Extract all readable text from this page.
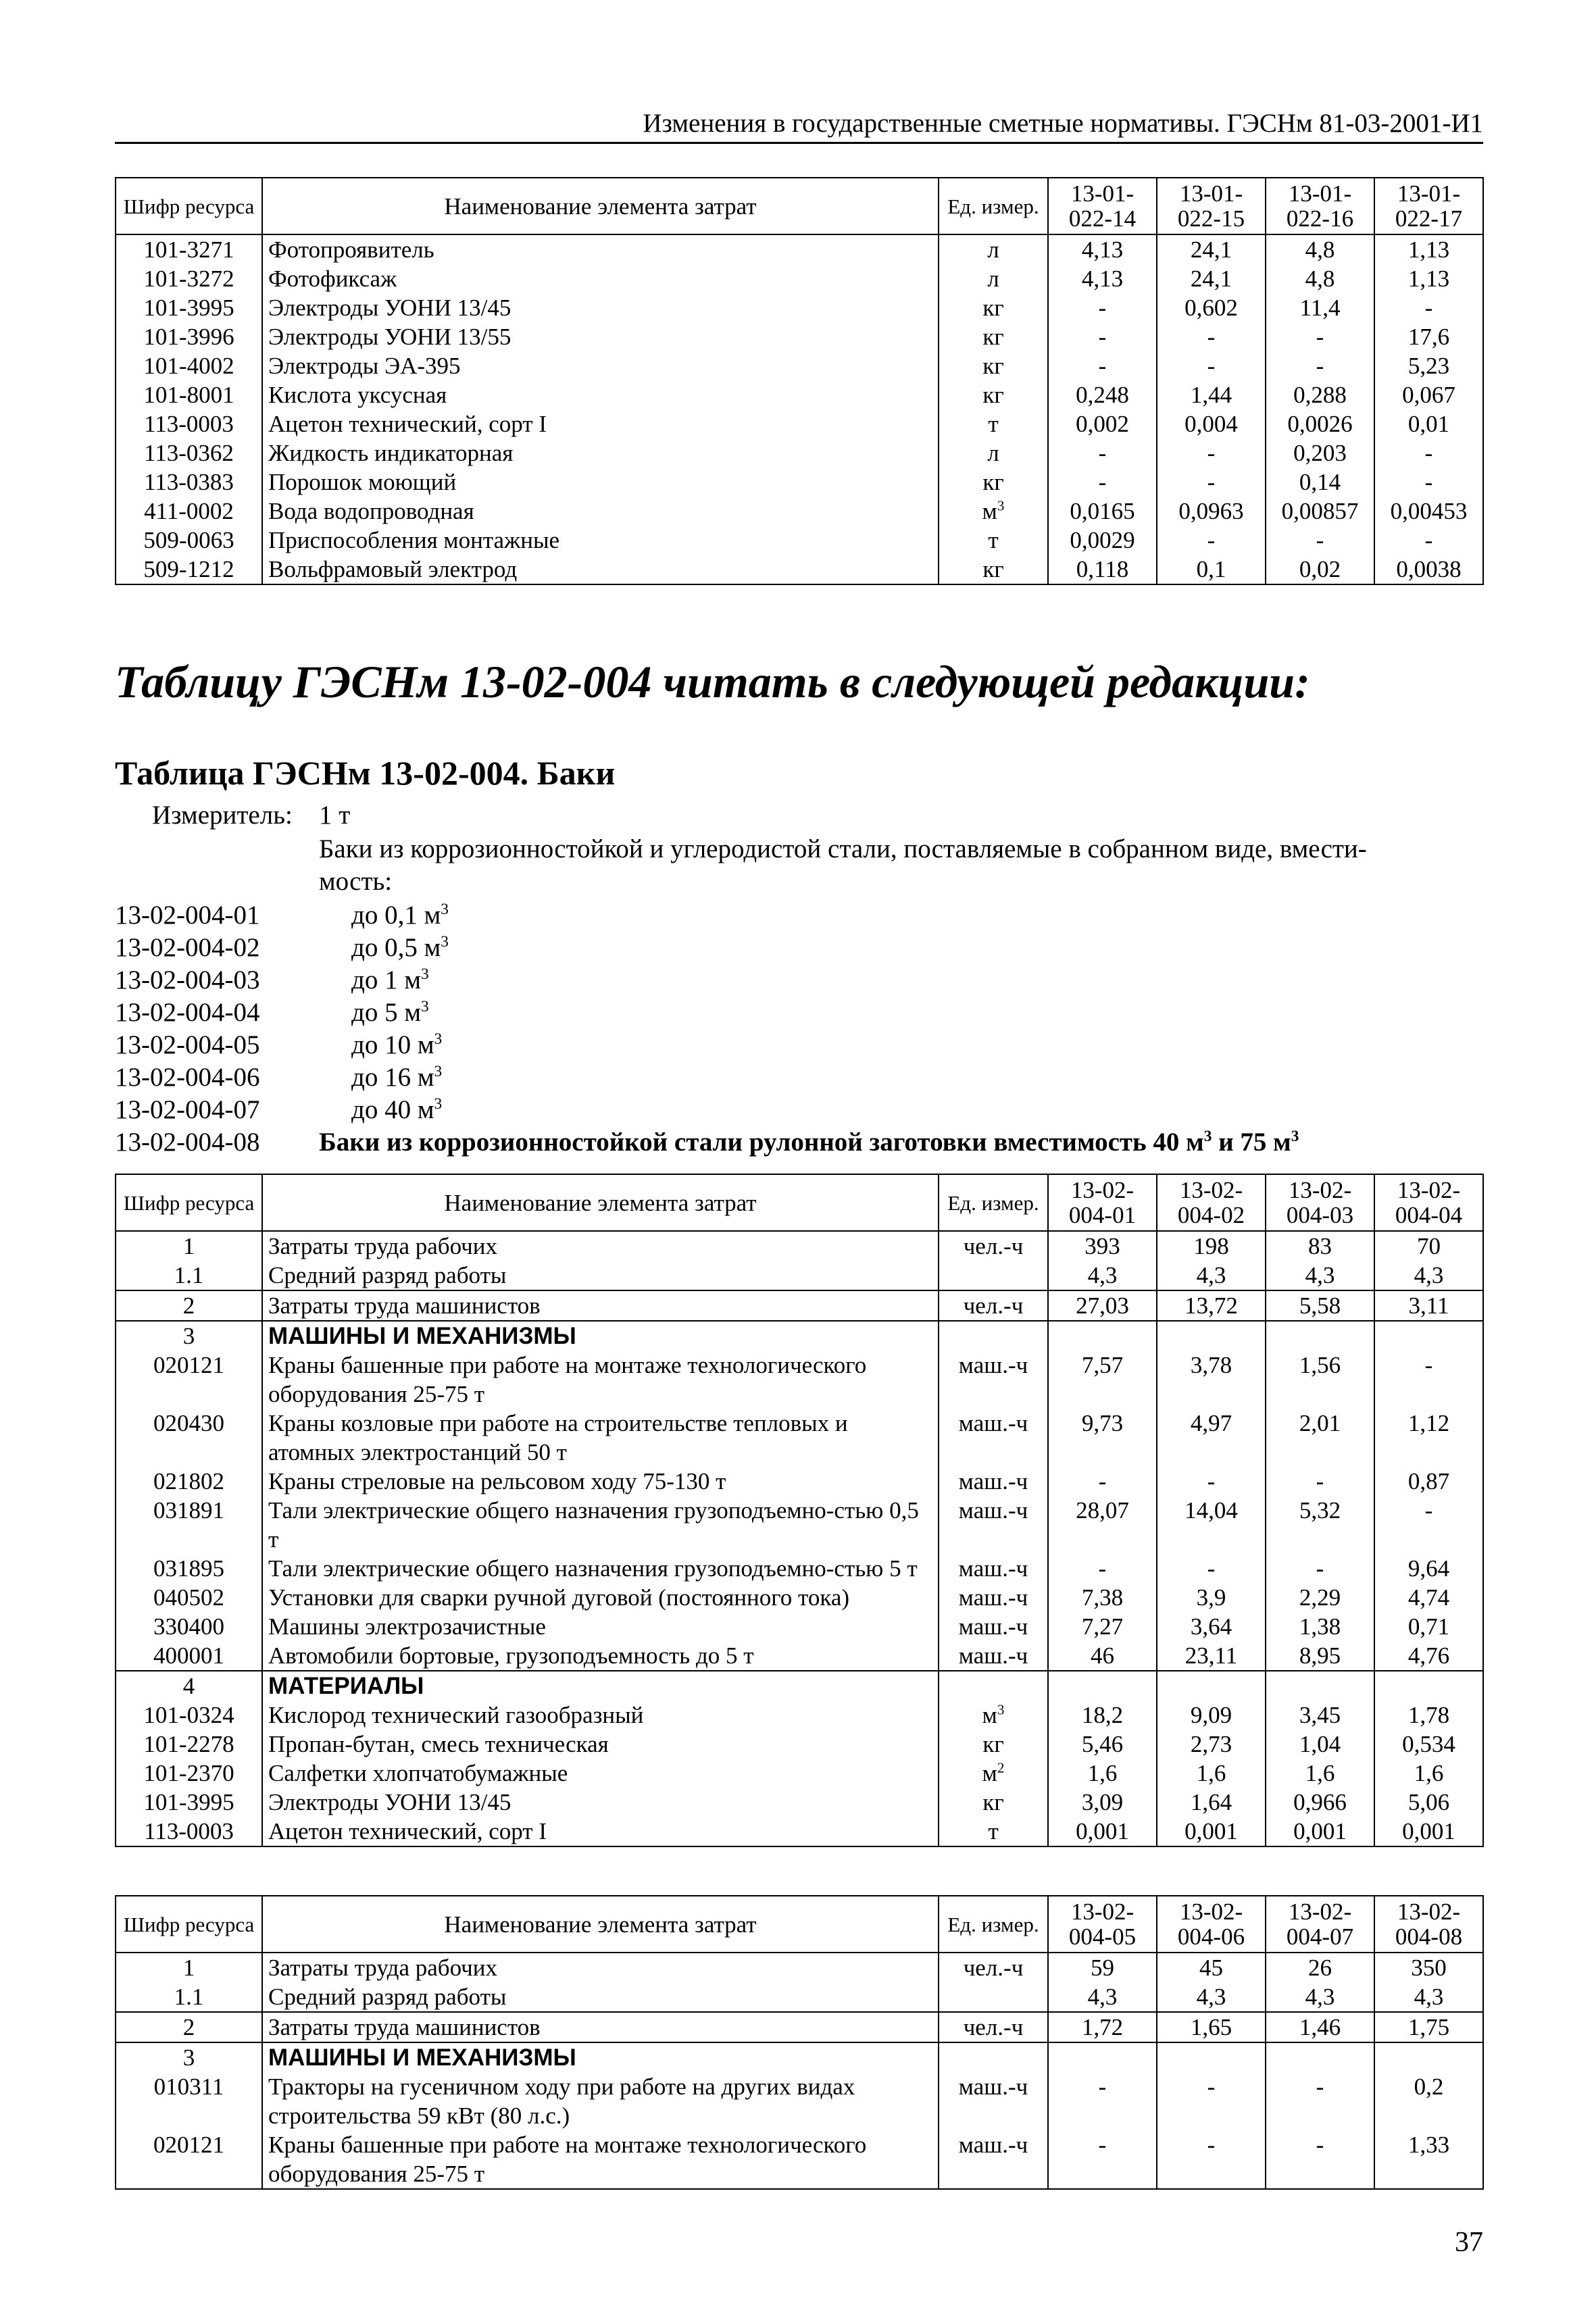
Изменения в государственные сметные нормативы. ГЭСНм 81-03-2001-И1
Шифр ресурса	Наименование элемента затрат	Ед. измер.	13-01-022-14	13-01-022-15	13-01-022-16	13-01-022-17
101-3271	Фотопроявитель	л	4,13	24,1	4,8	1,13
101-3272	Фотофиксаж	л	4,13	24,1	4,8	1,13
101-3995	Электроды УОНИ 13/45	кг	-	0,602	11,4	-
101-3996	Электроды УОНИ 13/55	кг	-	-	-	17,6
101-4002	Электроды ЭА-395	кг	-	-	-	5,23
101-8001	Кислота уксусная	кг	0,248	1,44	0,288	0,067
113-0003	Ацетон технический, сорт I	т	0,002	0,004	0,0026	0,01
113-0362	Жидкость индикаторная	л	-	-	0,203	-
113-0383	Порошок моющий	кг	-	-	0,14	-
411-0002	Вода водопроводная	$м^3$	0,0165	0,0963	0,00857	0,00453
509-0063	Приспособления монтажные	т	0,0029	-	-	-
509-1212	Вольфрамовый электрод	кг	0,118	0,1	0,02	0,0038
Таблицу ГЭСНм 13-02-004 читать в следующей редакции:
Таблица ГЭСНм 13-02-004. Баки
Измеритель: 1 т
Баки из коррозионностойкой и углеродистой стали, поставляемые в собранном виде, вмести-
мость:
13-02-004-01	до 0,1 $м^3$
13-02-004-02	до 0,5 $м^3$
13-02-004-03	до 1 $м^3$
13-02-004-04	до 5 $м^3$
13-02-004-05	до 10 $м^3$
13-02-004-06	до 16 $м^3$
13-02-004-07	до 40 $м^3$
13-02-004-08 Баки из коррозионностойкой стали рулонной заготовки вместимость 40 $м^3$ и 75 $м^3$
Шифр ресурса	Наименование элемента затрат	Ед. измер.	13-02-004-01	13-02-004-02	13-02-004-03	13-02-004-04
1	Затраты труда рабочих	чел.-ч	393	198	83	70
1.1	Средний разряд работы		4,3	4,3	4,3	4,3
2	Затраты труда машинистов	чел.-ч	27,03	13,72	5,58	3,11
3	МАШИНЫ И МЕХАНИЗМЫ					
020121	Краны башенные при работе на монтаже технологического оборудования 25-75 т	маш.-ч	7,57	3,78	1,56	-
020430	Краны козловые при работе на строительстве тепловых и атомных электростанций 50 т	маш.-ч	9,73	4,97	2,01	1,12
021802	Краны стреловые на рельсовом ходу 75-130 т	маш.-ч	-	-	-	0,87
031891	Тали электрические общего назначения грузоподъемно-стью 0,5 т	маш.-ч	28,07	14,04	5,32	-
031895	Тали электрические общего назначения грузоподъемно-стью 5 т	маш.-ч	-	-	-	9,64
040502	Установки для сварки ручной дуговой (постоянного тока)	маш.-ч	7,38	3,9	2,29	4,74
330400	Машины электрозачистные	маш.-ч	7,27	3,64	1,38	0,71
400001	Автомобили бортовые, грузоподъемность до 5 т	маш.-ч	46	23,11	8,95	4,76
4	МАТЕРИАЛЫ					
101-0324	Кислород технический газообразный	$м^3$	18,2	9,09	3,45	1,78
101-2278	Пропан-бутан, смесь техническая	кг	5,46	2,73	1,04	0,534
101-2370	Салфетки хлопчатобумажные	$м^2$	1,6	1,6	1,6	1,6
101-3995	Электроды УОНИ 13/45	кг	3,09	1,64	0,966	5,06
113-0003	Ацетон технический, сорт I	т	0,001	0,001	0,001	0,001
Шифр ресурса	Наименование элемента затрат	Ед. измер.	13-02-004-05	13-02-004-06	13-02-004-07	13-02-004-08
1	Затраты труда рабочих	чел.-ч	59	45	26	350
1.1	Средний разряд работы		4,3	4,3	4,3	4,3
2	Затраты труда машинистов	чел.-ч	1,72	1,65	1,46	1,75
3	МАШИНЫ И МЕХАНИЗМЫ					
010311	Тракторы на гусеничном ходу при работе на других видах строительства 59 кВт (80 л.с.)	маш.-ч	-	-	-	0,2
020121	Краны башенные при работе на монтаже технологического оборудования 25-75 т	маш.-ч	-	-	-	1,33
37
